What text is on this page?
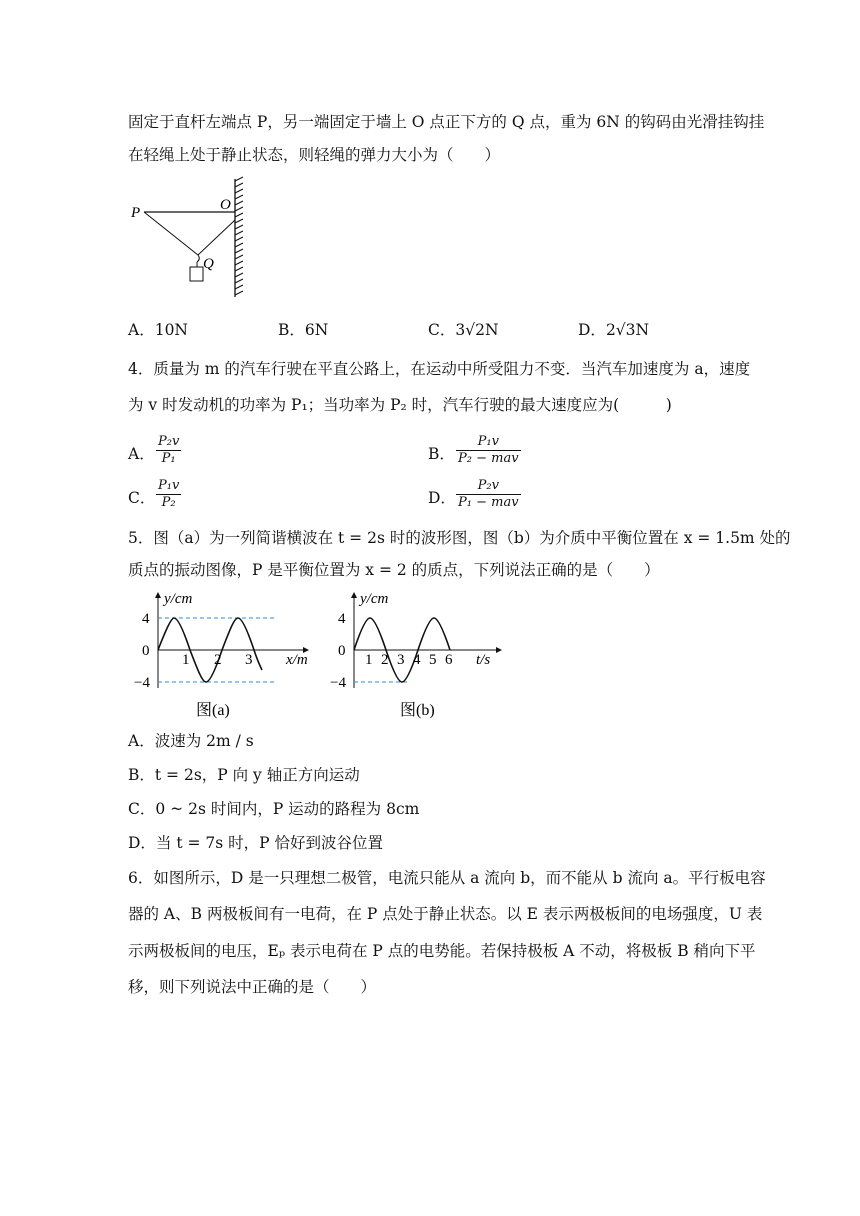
固定于直杆左端点 P，另一端固定于墙上 O 点正下方的 Q 点，重为 6N 的钩码由光滑挂钩挂
在轻绳上处于静止状态，则轻绳的弹力大小为（　　）
P	O
Q
A．10N	B．6N	C．3√2N	D．2√3N
4．质量为 m 的汽车行驶在平直公路上，在运动中所受阻力不变．当汽车加速度为 a，速度
为 v 时发动机的功率为 P₁；当功率为 P₂ 时，汽车行驶的最大速度应为(　　　)
A．
P₂v
P₁	B．
P₁v
P₂ − mav
C．
P₁v
P₂	D．
P₂v
P₁ − mav
5．图（a）为一列简谐横波在 t = 2s 时的波形图，图（b）为介质中平衡位置在 x = 1.5m 处的
质点的振动图像，P 是平衡位置为 x = 2 的质点，下列说法正确的是（　　）
y/cm
x/m
4
0
−4
1 2 3
图(a)
y/cm
t/s
4
0
−4
1 2 3 4 5 6
图(b)
A．波速为 2m / s
B．t = 2s，P 向 y 轴正方向运动
C．0 ~ 2s 时间内，P 运动的路程为 8cm
D．当 t = 7s 时，P 恰好到波谷位置
6．如图所示，D 是一只理想二极管，电流只能从 a 流向 b，而不能从 b 流向 a。平行板电容
器的 A、B 两极板间有一电荷，在 P 点处于静止状态。以 E 表示两极板间的电场强度，U 表
示两极板间的电压，Eₚ 表示电荷在 P 点的电势能。若保持极板 A 不动，将极板 B 稍向下平
移，则下列说法中正确的是（　　）
